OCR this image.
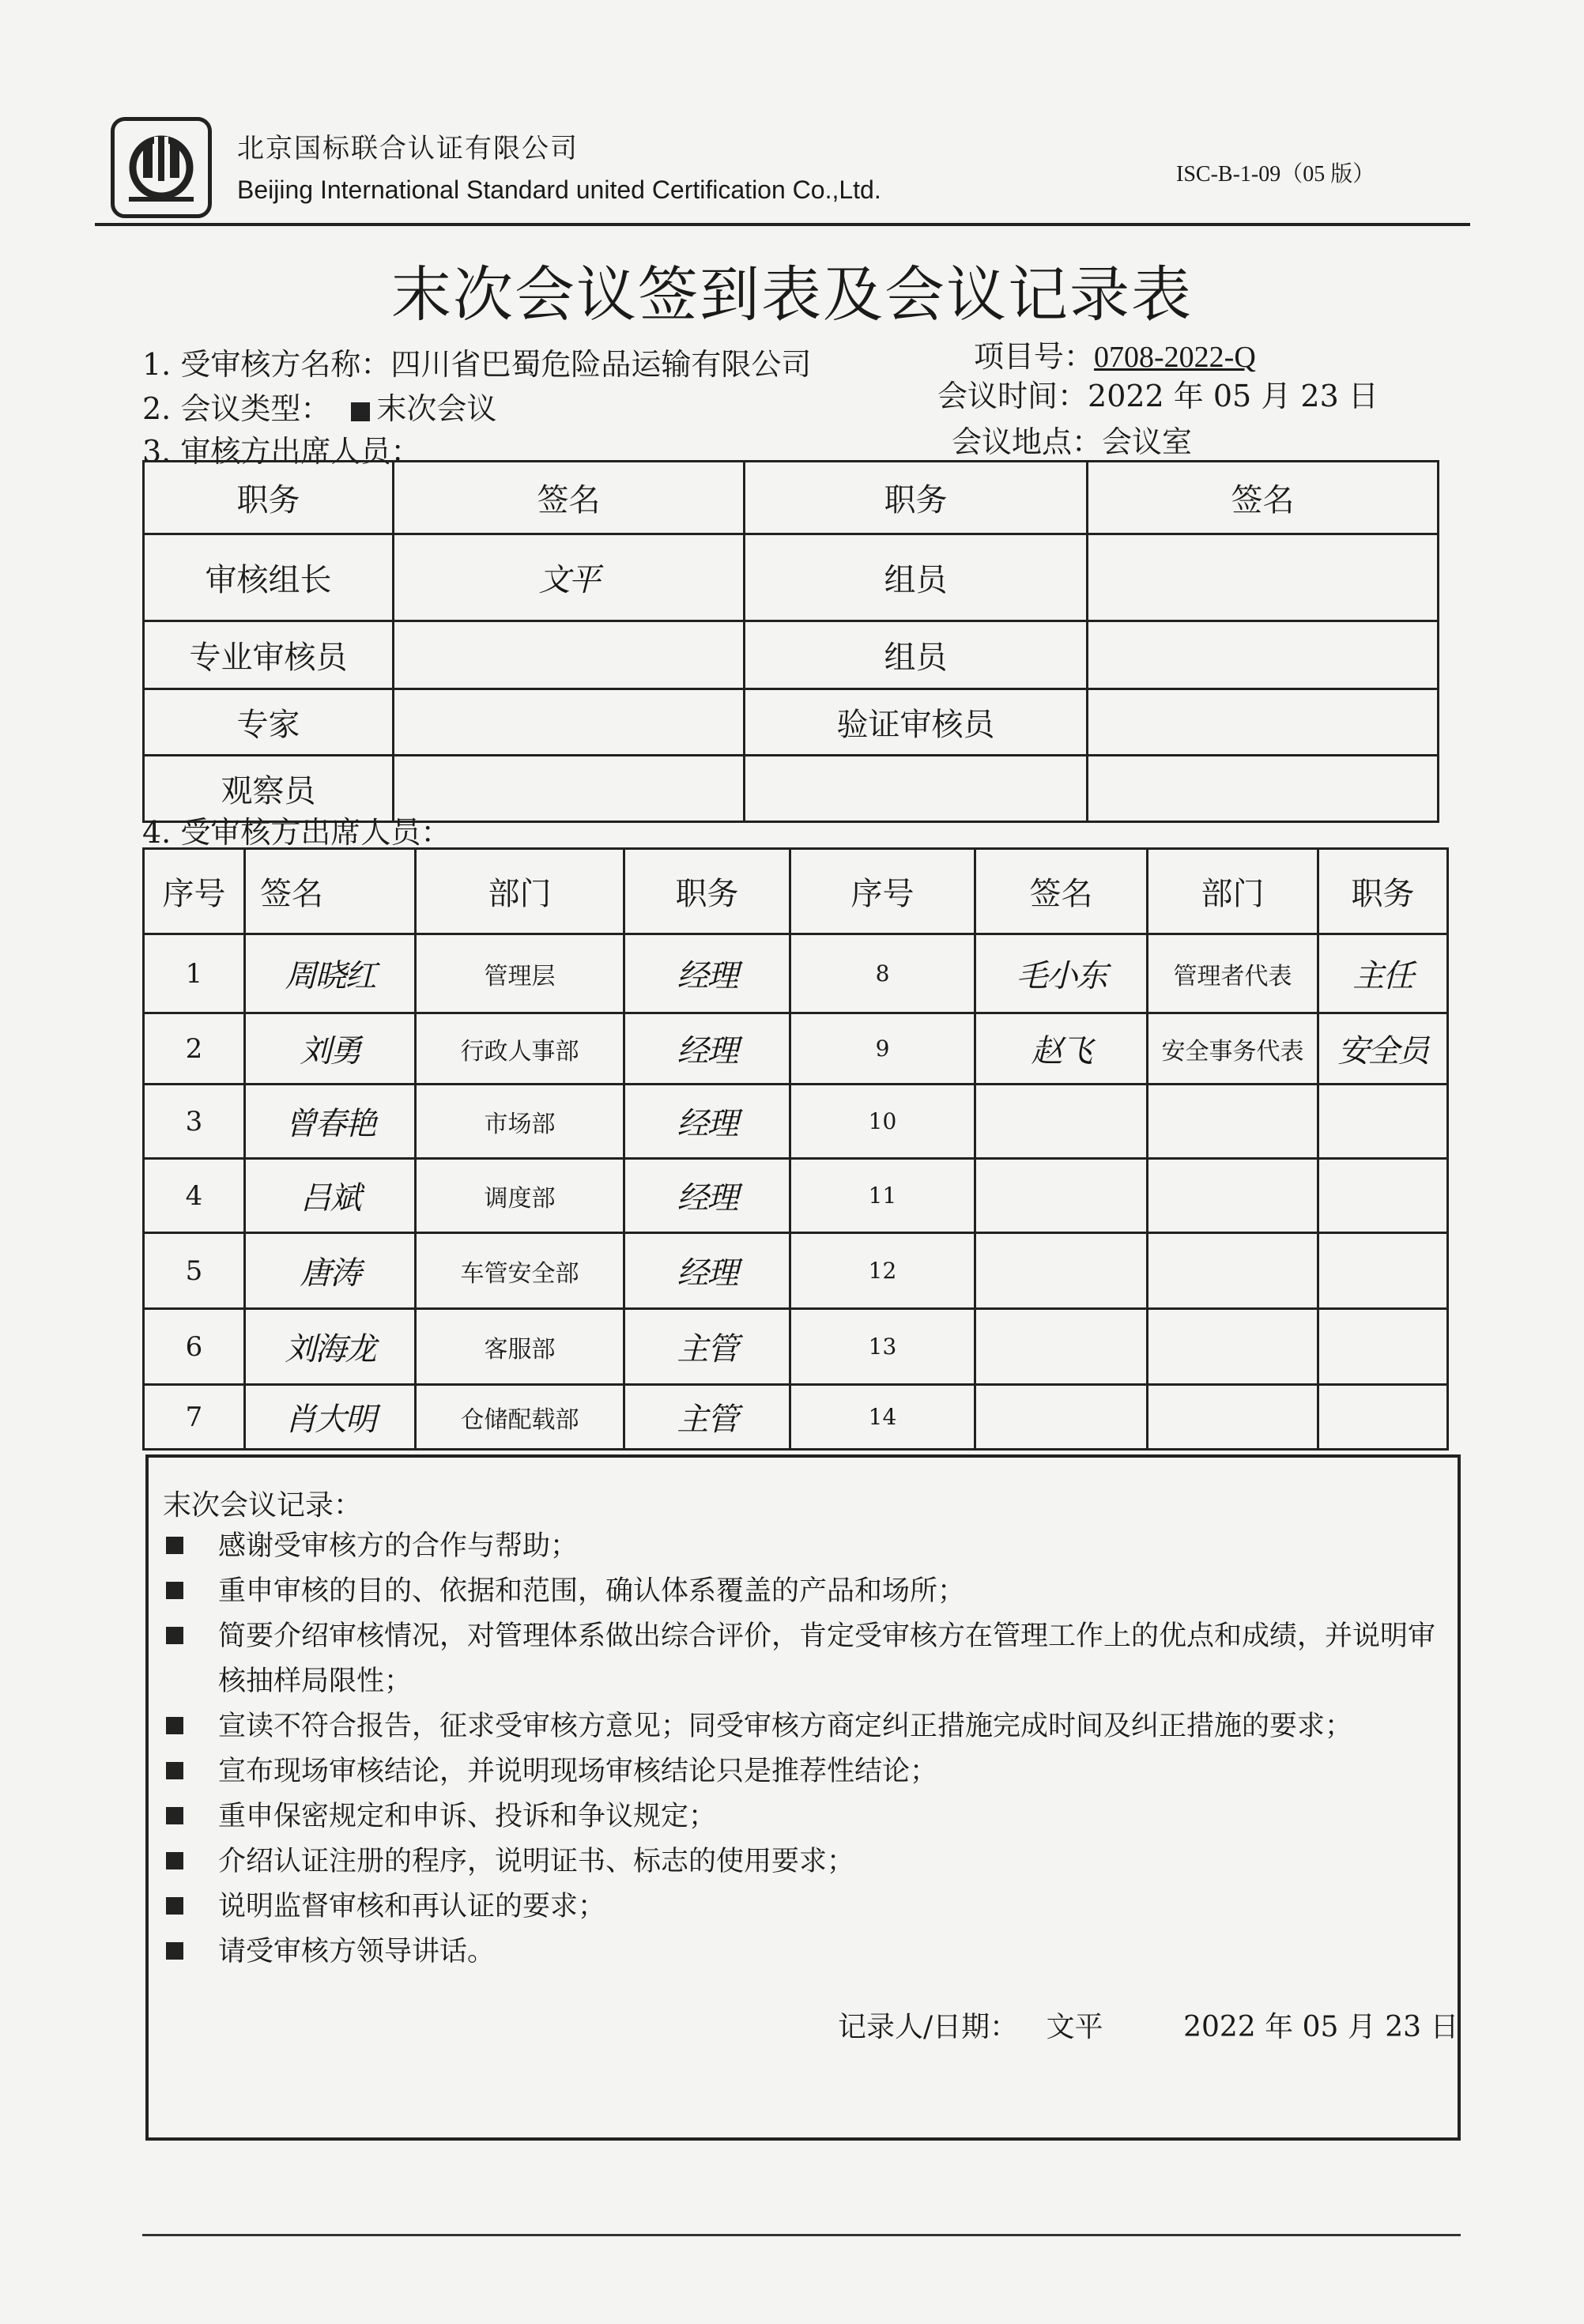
北京国标联合认证有限公司
Beijing International Standard united Certification Co.,Ltd.
ISC-B-1-09（05 版）
末次会议签到表及会议记录表
1. 受审核方名称：四川省巴蜀危险品运输有限公司	项目号：0708-2022-Q
2. 会议类型： 末次会议	会议时间：2022 年 05 月 23 日
3. 审核方出席人员：	会议地点：会议室
职务	签名	职务	签名
审核组长	文平	组员	
专业审核员		组员	
专家		验证审核员	
观察员			
4. 受审核方出席人员：
序号	签名	部门	职务	序号	签名	部门	职务
1	周晓红	管理层	经理	8	毛小东	管理者代表	主任
2	刘勇	行政人事部	经理	9	赵飞	安全事务代表	安全员
3	曾春艳	市场部	经理	10			
4	吕斌	调度部	经理	11			
5	唐涛	车管安全部	经理	12			
6	刘海龙	客服部	主管	13			
7	肖大明	仓储配载部	主管	14			
末次会议记录：
感谢受审核方的合作与帮助；
重申审核的目的、依据和范围，确认体系覆盖的产品和场所；
简要介绍审核情况，对管理体系做出综合评价，肯定受审核方在管理工作上的优点和成绩，并说明审核抽样局限性；
宣读不符合报告，征求受审核方意见；同受审核方商定纠正措施完成时间及纠正措施的要求；
宣布现场审核结论，并说明现场审核结论只是推荐性结论；
重申保密规定和申诉、投诉和争议规定；
介绍认证注册的程序，说明证书、标志的使用要求；
说明监督审核和再认证的要求；
请受审核方领导讲话。
记录人/日期： 文平	2022 年 05 月 23 日
